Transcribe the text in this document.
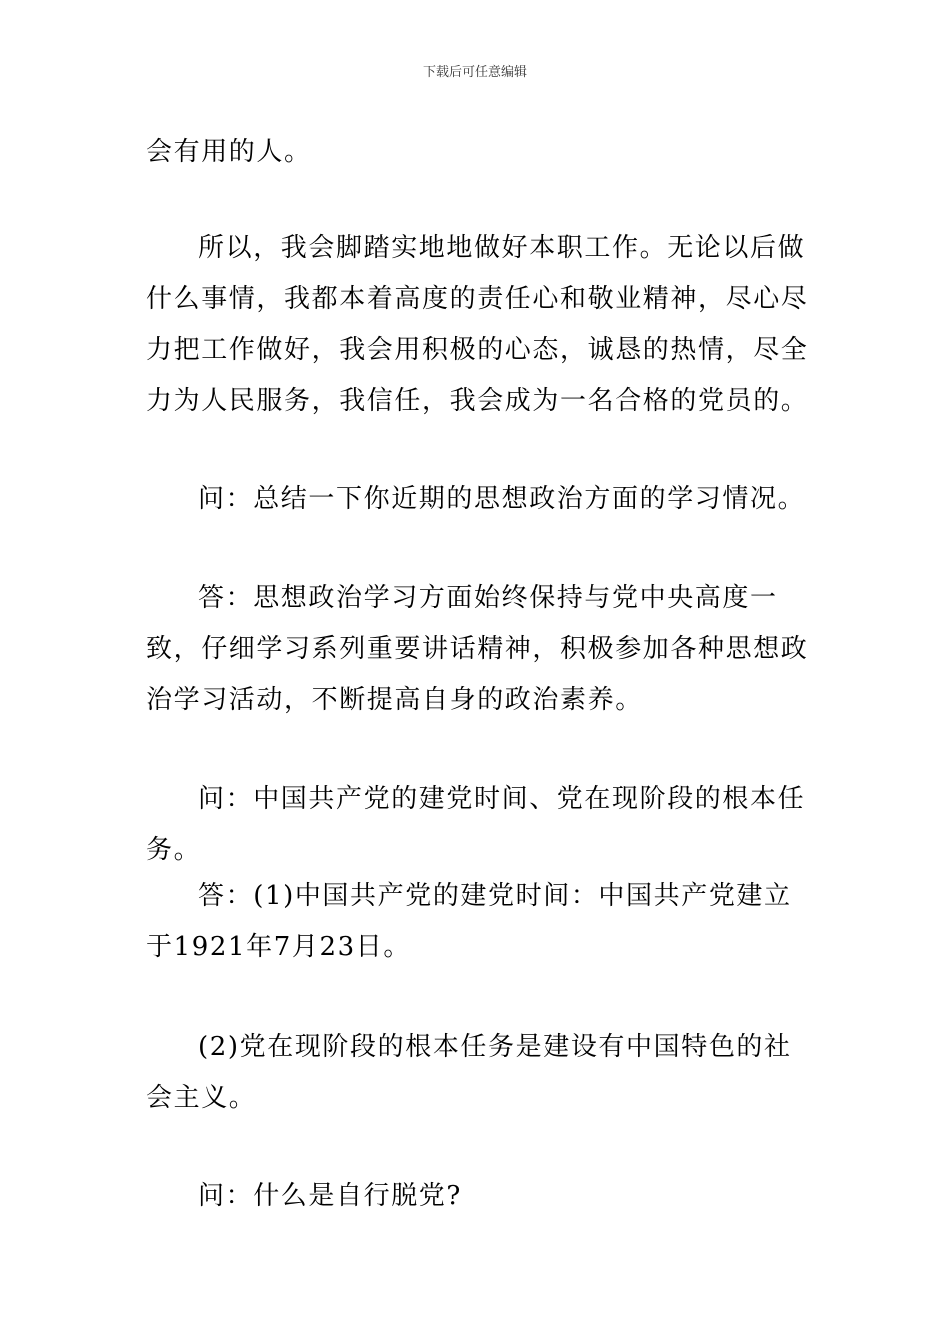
下载后可任意编辑

会有用的人。

所以，我会脚踏实地地做好本职工作。无论以后做什么事情，我都本着高度的责任心和敬业精神，尽心尽力把工作做好，我会用积极的心态，诚恳的热情，尽全力为人民服务，我信任，我会成为一名合格的党员的。

问：总结一下你近期的思想政治方面的学习情况。

答：思想政治学习方面始终保持与党中央高度一致，仔细学习系列重要讲话精神，积极参加各种思想政治学习活动，不断提高自身的政治素养。

问：中国共产党的建党时间、党在现阶段的根本任务。

答：(1)中国共产党的建党时间：中国共产党建立于1921年7月23日。

(2)党在现阶段的根本任务是建设有中国特色的社会主义。

问：什么是自行脱党?
